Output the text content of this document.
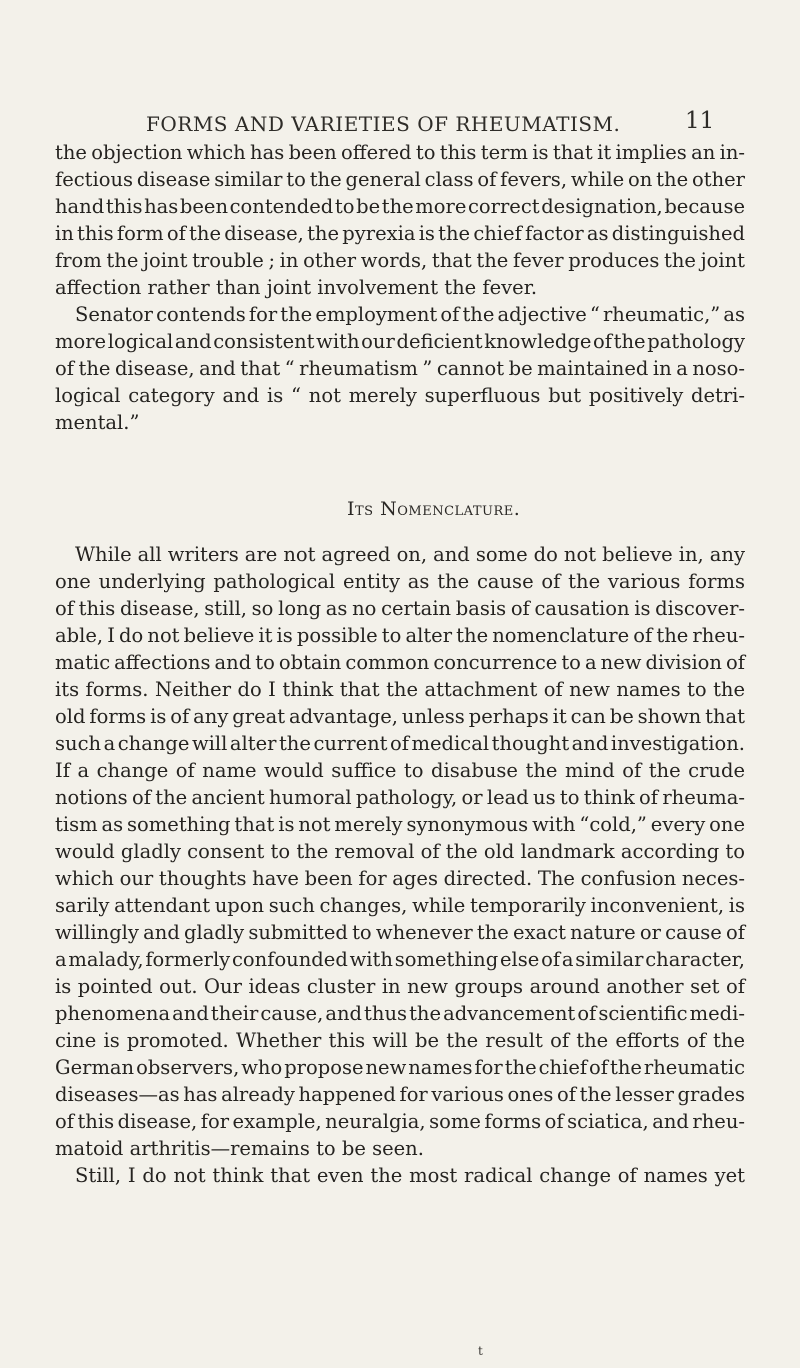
FORMS AND VARIETIES OF RHEUMATISM.	11
the objection which has been offered to this term is that it implies an in-
fectious disease similar to the general class of fevers, while on the other
hand this has been contended to be the more correct designation, because
in this form of the disease, the pyrexia is the chief factor as distinguished
from the joint trouble ; in other words, that the fever produces the joint
affection rather than joint involvement the fever.
Senator contends for the employment of the adjective “ rheumatic,” as
more logical and consistent with our deficient knowledge of the pathology
of the disease, and that “ rheumatism ” cannot be maintained in a noso-
logical category and is “ not merely superfluous but positively detri-
mental.”
Its Nomenclature.
While all writers are not agreed on, and some do not believe in, any
one underlying pathological entity as the cause of the various forms
of this disease, still, so long as no certain basis of causation is discover-
able, I do not believe it is possible to alter the nomenclature of the rheu-
matic affections and to obtain common concurrence to a new division of
its forms. Neither do I think that the attachment of new names to the
old forms is of any great advantage, unless perhaps it can be shown that
such a change will alter the current of medical thought and investigation.
If a change of name would suffice to disabuse the mind of the crude
notions of the ancient humoral pathology, or lead us to think of rheuma-
tism as something that is not merely synonymous with “cold,” every one
would gladly consent to the removal of the old landmark according to
which our thoughts have been for ages directed. The confusion neces-
sarily attendant upon such changes, while temporarily inconvenient, is
willingly and gladly submitted to whenever the exact nature or cause of
a malady, formerly confounded with something else of a similar character,
is pointed out. Our ideas cluster in new groups around another set of
phenomena and their cause, and thus the advancement of scientific medi-
cine is promoted. Whether this will be the result of the efforts of the
German observers, who propose new names for the chief of the rheumatic
diseases—as has already happened for various ones of the lesser grades
of this disease, for example, neuralgia, some forms of sciatica, and rheu-
matoid arthritis—remains to be seen.
Still, I do not think that even the most radical change of names yet
t
